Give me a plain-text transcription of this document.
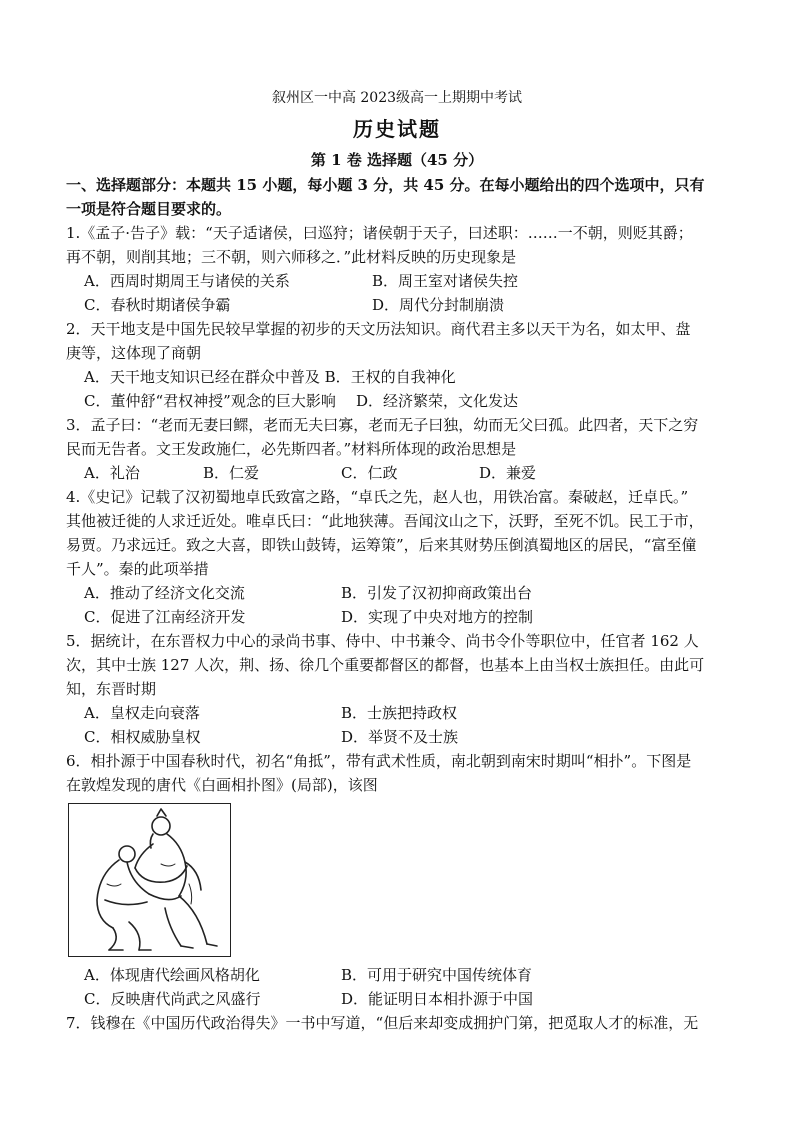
叙州区一中高 2023级高一上期期中考试
历史试题
第 1 卷 选择题（45 分）
一、选择题部分：本题共 15 小题，每小题 3 分，共 45 分。在每小题给出的四个选项中，只有
一项是符合题目要求的。
1.《孟子·告子》载：“天子适诸侯，曰巡狩；诸侯朝于天子，曰述职：……一不朝，则贬其爵；
再不朝，则削其地；三不朝，则六师移之．”此材料反映的历史现象是
A．西周时期周王与诸侯的关系	B．周王室对诸侯失控
C．春秋时期诸侯争霸	D．周代分封制崩溃
2．天干地支是中国先民较早掌握的初步的天文历法知识。商代君主多以天干为名，如太甲、盘
庚等，这体现了商朝
A．天干地支知识已经在群众中普及 B．王权的自我神化
C．董仲舒“君权神授”观念的巨大影响 D．经济繁荣，文化发达
3．孟子曰：“老而无妻曰鳏，老而无夫曰寡，老而无子曰独，幼而无父曰孤。此四者，天下之穷
民而无告者。文王发政施仁，必先斯四者。”材料所体现的政治思想是
A．礼治	B．仁爱	C．仁政	D．兼爱
4.《史记》记载了汉初蜀地卓氏致富之路，“卓氏之先，赵人也，用铁冶富。秦破赵，迁卓氏。”
其他被迁徙的人求迁近处。唯卓氏曰：“此地狭薄。吾闻汶山之下，沃野，至死不饥。民工于市，
易贾。乃求远迁。致之大喜，即铁山鼓铸，运筹策”，后来其财势压倒滇蜀地区的居民，“富至僮
千人”。秦的此项举措
A．推动了经济文化交流	B．引发了汉初抑商政策出台
C．促进了江南经济开发	D．实现了中央对地方的控制
5．据统计，在东晋权力中心的录尚书事、侍中、中书兼令、尚书令仆等职位中，任官者 162 人
次，其中士族 127 人次，荆、扬、徐几个重要都督区的都督，也基本上由当权士族担任。由此可
知，东晋时期
A．皇权走向衰落	B．士族把持政权
C．相权威胁皇权	D．举贤不及士族
6．相扑源于中国春秋时代，初名“角抵”，带有武术性质，南北朝到南宋时期叫“相扑”。下图是
在敦煌发现的唐代《白画相扑图》(局部)，该图
A．体现唐代绘画风格胡化	B．可用于研究中国传统体育
C．反映唐代尚武之风盛行	D．能证明日本相扑源于中国
7．钱穆在《中国历代政治得失》一书中写道，“但后来却变成拥护门第，把觅取人才的标准，无
